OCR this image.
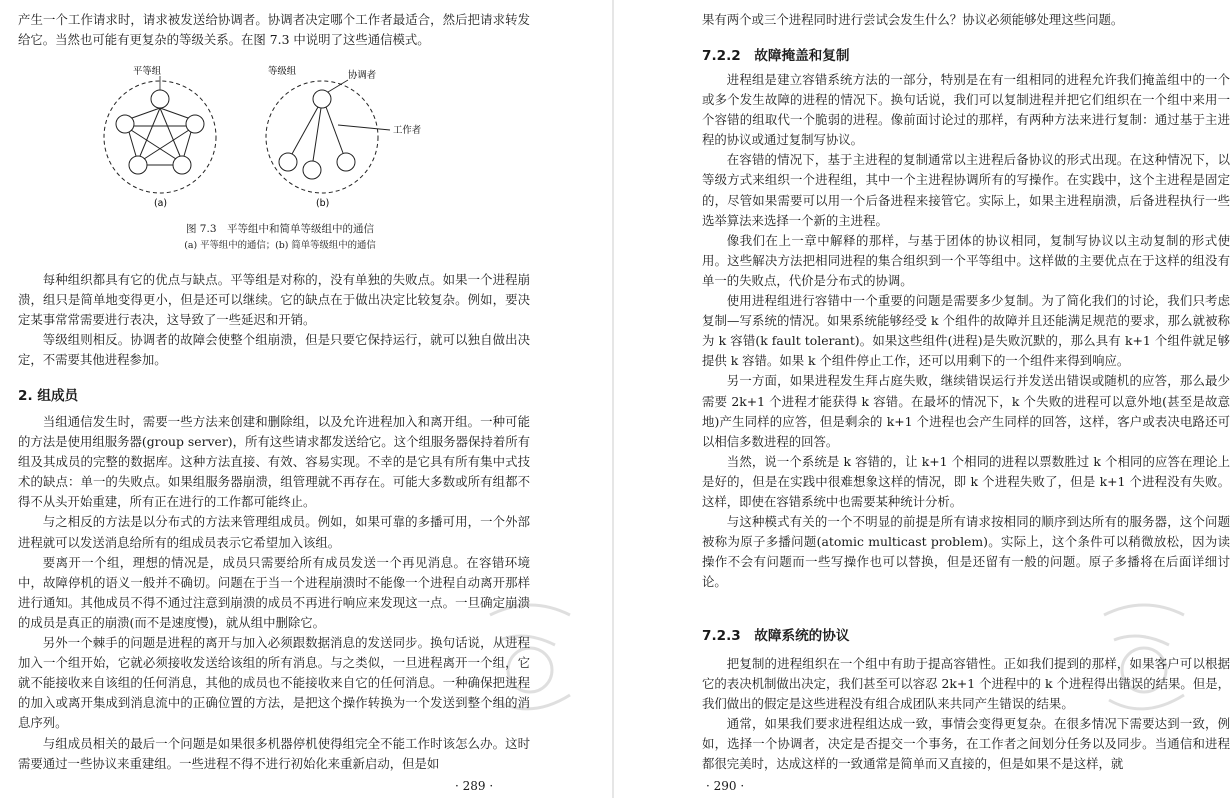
产生一个工作请求时，请求被发送给协调者。协调者决定哪个工作者最适合，然后把请求转发给它。当然也可能有更复杂的等级关系。在图 7.3 中说明了这些通信模式。

平等组
(a)
等级组	协调者
工作者
(b)
图 7.3　平等组中和简单等级组中的通信
(a) 平等组中的通信；(b) 简单等级组中的通信

每种组织都具有它的优点与缺点。平等组是对称的，没有单独的失败点。如果一个进程崩溃，组只是简单地变得更小，但是还可以继续。它的缺点在于做出决定比较复杂。例如，要决定某事常常需要进行表决，这导致了一些延迟和开销。

等级组则相反。协调者的故障会使整个组崩溃，但是只要它保持运行，就可以独自做出决定，不需要其他进程参加。

2. 组成员

当组通信发生时，需要一些方法来创建和删除组，以及允许进程加入和离开组。一种可能的方法是使用组服务器(group server)，所有这些请求都发送给它。这个组服务器保持着所有组及其成员的完整的数据库。这种方法直接、有效、容易实现。不幸的是它具有所有集中式技术的缺点：单一的失败点。如果组服务器崩溃，组管理就不再存在。可能大多数或所有组都不得不从头开始重建，所有正在进行的工作都可能终止。

与之相反的方法是以分布式的方法来管理组成员。例如，如果可靠的多播可用，一个外部进程就可以发送消息给所有的组成员表示它希望加入该组。

要离开一个组，理想的情况是，成员只需要给所有成员发送一个再见消息。在容错环境中，故障停机的语义一般并不确切。问题在于当一个进程崩溃时不能像一个进程自动离开那样进行通知。其他成员不得不通过注意到崩溃的成员不再进行响应来发现这一点。一旦确定崩溃的成员是真正的崩溃(而不是速度慢)，就从组中删除它。

另外一个棘手的问题是进程的离开与加入必须跟数据消息的发送同步。换句话说，从进程加入一个组开始，它就必须接收发送给该组的所有消息。与之类似，一旦进程离开一个组，它就不能接收来自该组的任何消息，其他的成员也不能接收来自它的任何消息。一种确保把进程的加入或离开集成到消息流中的正确位置的方法，是把这个操作转换为一个发送到整个组的消息序列。

与组成员相关的最后一个问题是如果很多机器停机使得组完全不能工作时该怎么办。这时需要通过一些协议来重建组。一些进程不得不进行初始化来重新启动，但是如

· 289 ·

果有两个或三个进程同时进行尝试会发生什么？协议必须能够处理这些问题。

7.2.2　故障掩盖和复制

进程组是建立容错系统方法的一部分，特别是在有一组相同的进程允许我们掩盖组中的一个或多个发生故障的进程的情况下。换句话说，我们可以复制进程并把它们组织在一个组中来用一个容错的组取代一个脆弱的进程。像前面讨论过的那样，有两种方法来进行复制：通过基于主进程的协议或通过复制写协议。

在容错的情况下，基于主进程的复制通常以主进程后备协议的形式出现。在这种情况下，以等级方式来组织一个进程组，其中一个主进程协调所有的写操作。在实践中，这个主进程是固定的，尽管如果需要可以用一个后备进程来接管它。实际上，如果主进程崩溃，后备进程执行一些选举算法来选择一个新的主进程。

像我们在上一章中解释的那样，与基于团体的协议相同，复制写协议以主动复制的形式使用。这些解决方法把相同进程的集合组织到一个平等组中。这样做的主要优点在于这样的组没有单一的失败点，代价是分布式的协调。

使用进程组进行容错中一个重要的问题是需要多少复制。为了简化我们的讨论，我们只考虑复制—写系统的情况。如果系统能够经受 k 个组件的故障并且还能满足规范的要求，那么就被称为 k 容错(k fault tolerant)。如果这些组件(进程)是失败沉默的，那么具有 k+1 个组件就足够提供 k 容错。如果 k 个组件停止工作，还可以用剩下的一个组件来得到响应。

另一方面，如果进程发生拜占庭失败，继续错误运行并发送出错误或随机的应答，那么最少需要 2k+1 个进程才能获得 k 容错。在最坏的情况下，k 个失败的进程可以意外地(甚至是故意地)产生同样的应答，但是剩余的 k+1 个进程也会产生同样的回答，这样，客户或表决电路还可以相信多数进程的回答。

当然，说一个系统是 k 容错的，让 k+1 个相同的进程以票数胜过 k 个相同的应答在理论上是好的，但是在实践中很难想象这样的情况，即 k 个进程失败了，但是 k+1 个进程没有失败。这样，即使在容错系统中也需要某种统计分析。

与这种模式有关的一个不明显的前提是所有请求按相同的顺序到达所有的服务器，这个问题被称为原子多播问题(atomic multicast problem)。实际上，这个条件可以稍微放松，因为读操作不会有问题而一些写操作也可以替换，但是还留有一般的问题。原子多播将在后面详细讨论。

7.2.3　故障系统的协议

把复制的进程组织在一个组中有助于提高容错性。正如我们提到的那样，如果客户可以根据它的表决机制做出决定，我们甚至可以容忍 2k+1 个进程中的 k 个进程得出错误的结果。但是，我们做出的假定是这些进程没有组合成团队来共同产生错误的结果。

通常，如果我们要求进程组达成一致，事情会变得更复杂。在很多情况下需要达到一致，例如，选择一个协调者，决定是否提交一个事务，在工作者之间划分任务以及同步。当通信和进程都很完美时，达成这样的一致通常是简单而又直接的，但是如果不是这样，就

· 290 ·
